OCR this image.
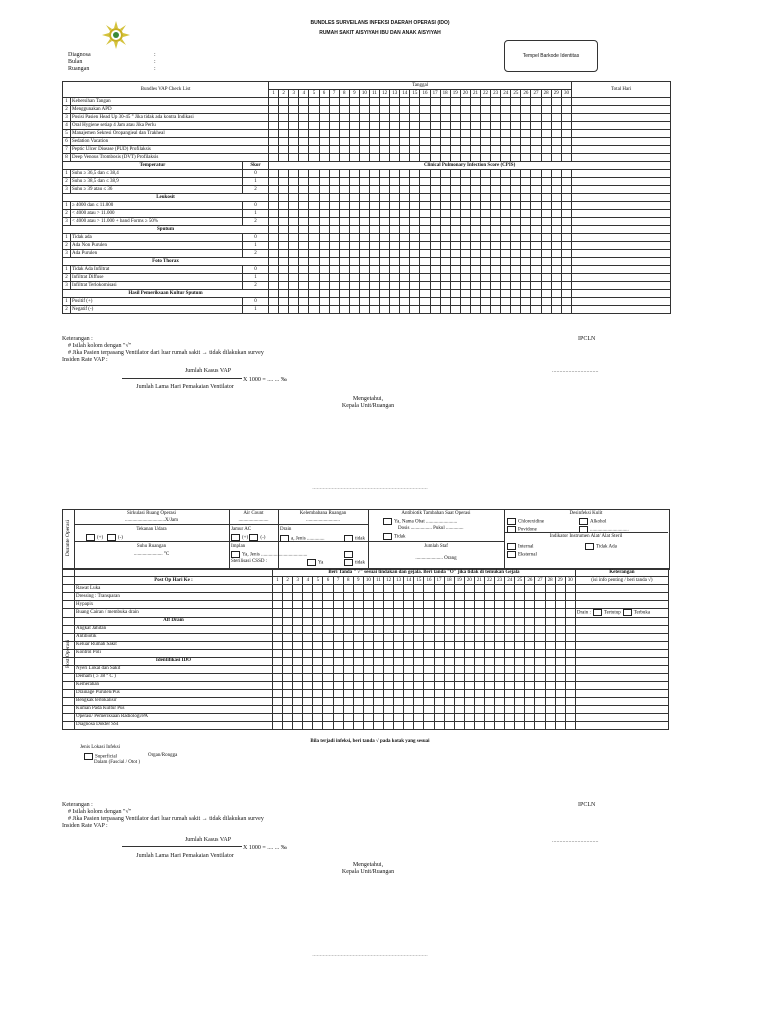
BUNDLES SURVEILANS INFEKSI DAERAH OPERASI (IDO)
RUMAH SAKIT AISYIYAH IBU DAN ANAK AISYIYAH
Tempel Barkode Identitas
Diagnosa	:
Bulan	:
Ruangan	:
Bundles VAP Check List			Tanggal																														Total Hari
			1	2	3	4	5	6	7	8	9	10	11	12	13	14	15	16	17	18	19	20	21	22	23	24	25	26	27	28	29	30	
1	Kebersihan Tangan																																
2	Menggunakan APD																																
3	Posisi Pasien Head Up 30-45 ° Jika tidak ada kontra Indikasi																																
4	Oral Hygiene setiap 4 Jam atau Jika Perlu																																
5	Manajemen Sekresi Oropangieal dan Trakheal																																
6	Sedation Vacation																																
7	Peptic Ulcer Disease (PUD) Profilaksis																																
8	Deep Venous Trombosis (DVT) Profilaksis																																
Temperatur		Skor	Clinical Pulmonary Infection Score (CPIS)																														
1	Suhu ≥ 36,5 dan ≤ 38,4	0																															
2	Suhu ≥ 38,5 dan ≤ 38,9	1																															
3	Suhu ≥ 39 atau ≤ 36	2																															
Leukosit																																	
1	≥ 4000 dan ≤ 11.000	0																															
2	< 4000 atau > 11.000	1																															
3	< 4000 atau > 11.000 + band Forms ≥ 50%	2																															
Sputum																																	
1	Tidak ada	0																															
2	Ada Non Purulen	1																															
3	Ada Purulen	2																															
Foto Thorax																																	
1	Tidak Ada Infiltrat	0																															
2	Infiltrat Diffuse	1																															
3	Infiltrat Terlokomisasi	2																															
Hasil Pemeriksaan Kultur Sputum																																	
1	Positif (+)	0																															
2	Negatif (-)	1																															
Keterangan :
# Isilah kolom dengan "√"
# Jika Pasien terpasang Ventilator dari luar rumah sakit → tidak dilakukan survey
Insiden Rate VAP :
Jumlah Kasus VAP
Jumlah Lama Hari Pemakaian Ventilator
X 1000 = .... ... ‰
IPCLN
...............................
Mengetahui,
Kepala Unit/Ruangan
.............................................................................
Durante Operasi
Sirkulasi Ruang Operasi
................................X/Jam
Tekanan Udara
(+)	(-)
Suhu Ruangan
....................... °C
Air Count
........................
Jamur AC
(+) (-)
Implan
Ya, Jenis .....................................
Sterilisasi CSSD :	Ya	tidak
Kelembabana Ruangan
...........................
Drain
a, Jenis ..............	tidak
Antibiotik Tambahan Saat Operasi
Ya, Nama Obat .........................
Dosis ................. Pukul ..............
Tidak
Jumlah Staf
...................... Orang
Desinfeksi Kulit
Chlorexidine	Alkohol
Povidone	...............................
Indikator Instrumen Alat/ Alat Steril
Internal	Tidak Ada
Eksternal
		Beri Tanda " √" sesuai tindakan dan gejala. Beri tanda "O" jika tidak di temukan Gejala																														Keterangan
	Post Op Hari Ke :	1	2	3	4	5	6	7	8	9	10	11	12	13	14	15	16	17	18	19	20	21	22	23	24	25	26	27	28	29	30	(isi info penting / beri tanda √)
	Rawat Luka																															
	Dressing : Transparan																															
	Hypapix																															
	Buang Cairan / membuka drain																															Drain : Tertutup Terbuka
	Aff Drain																															
	Angkat Jahitan																															
	Antibiotik																															
	Keluar Rumah Sakit																															
	Kontrol Poli																															
	Identifikasi IDO																															
	Nyeri Lokal dan Sakit																															
	Demam ( ≥ 38 ° C )																															
	Kemerahan																															
	Drainage Purulen/Pus																															
	Bengkak terlokalisir																															
	Kuman Pada Kultur Pus																															
	Operasi/ Pemeriksaan Radiologi/PA																															
	Diagnosa Dokter SSI																															
Post Operasi
Bila terjadi infeksi, beri tanda √ pada kotak yang sesuai
Jenis Lokasi Infeksi
Superficial	Organ/Rongga
Dalam (Fascial / Otot )
Keterangan :
# Isilah kolom dengan "√"
# Jika Pasien terpasang Ventilator dari luar rumah sakit → tidak dilakukan survey
Insiden Rate VAP :
Jumlah Kasus VAP
Jumlah Lama Hari Pemakaian Ventilator
X 1000 = .... ... ‰
IPCLN
...............................
Mengetahui,
Kepala Unit/Ruangan
.............................................................................
